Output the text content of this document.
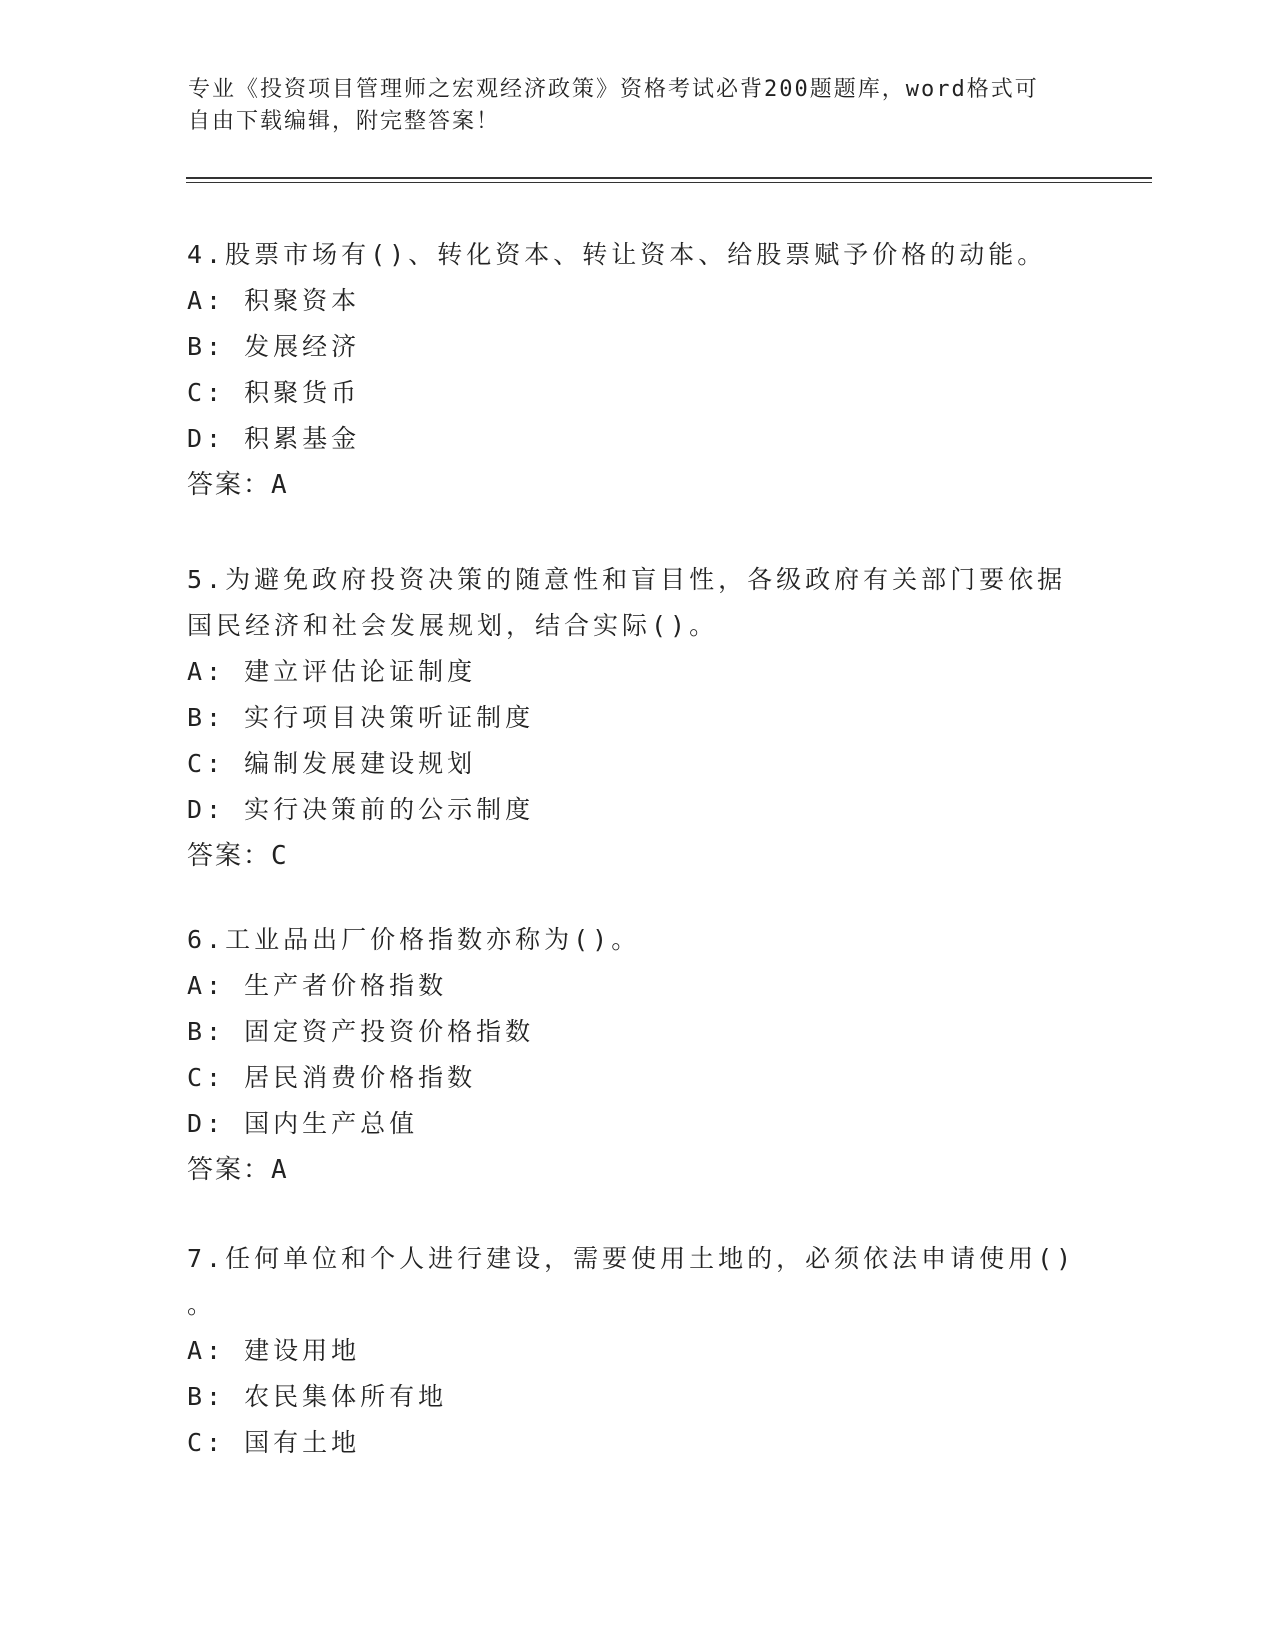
专业《投资项目管理师之宏观经济政策》资格考试必背200题题库，word格式可
自由下载编辑，附完整答案！
4.股票市场有()、转化资本、转让资本、给股票赋予价格的动能。
A: 积聚资本
B: 发展经济
C: 积聚货币
D: 积累基金
答案：A
5.为避免政府投资决策的随意性和盲目性，各级政府有关部门要依据
国民经济和社会发展规划，结合实际()。
A: 建立评估论证制度
B: 实行项目决策听证制度
C: 编制发展建设规划
D: 实行决策前的公示制度
答案：C
6.工业品出厂价格指数亦称为()。
A: 生产者价格指数
B: 固定资产投资价格指数
C: 居民消费价格指数
D: 国内生产总值
答案：A
7.任何单位和个人进行建设，需要使用土地的，必须依法申请使用()
。
A: 建设用地
B: 农民集体所有地
C: 国有土地
